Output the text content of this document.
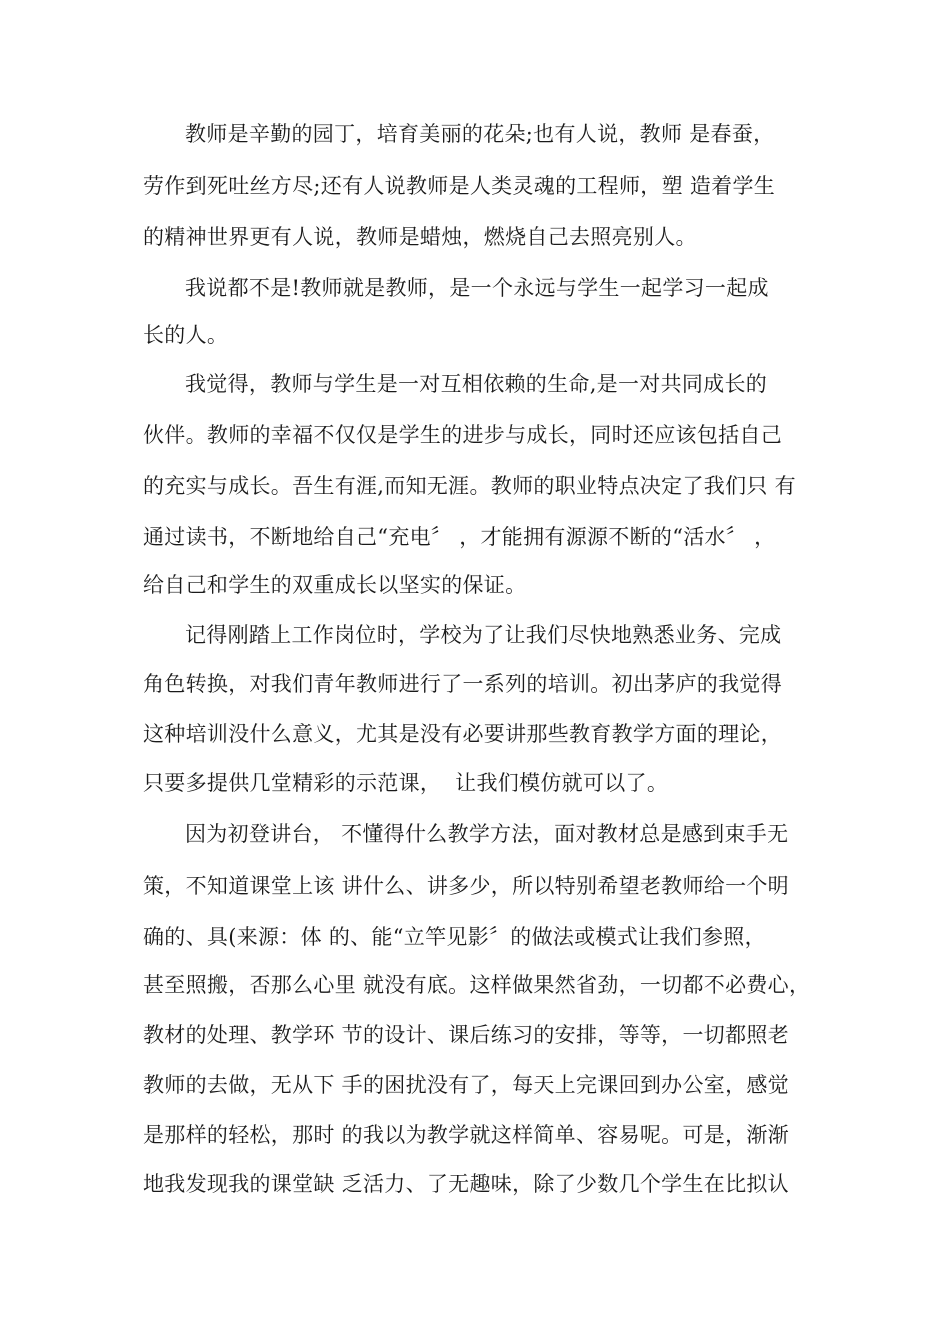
教师是辛勤的园丁，培育美丽的花朵;也有人说，教师 是春蚕，
劳作到死吐丝方尽;还有人说教师是人类灵魂的工程师，塑 造着学生
的精神世界更有人说，教师是蜡烛，燃烧自己去照亮别人。
我说都不是!教师就是教师，是一个永远与学生一起学习一起成
长的人。
我觉得，教师与学生是一对互相依赖的生命,是一对共同成长的
伙伴。教师的幸福不仅仅是学生的进步与成长，同时还应该包括自己
的充实与成长。吾生有涯,而知无涯。教师的职业特点决定了我们只 有
通过读书，不断地给自己“充电〞 ，才能拥有源源不断的“活水〞 ，
给自己和学生的双重成长以坚实的保证。
记得刚踏上工作岗位时，学校为了让我们尽快地熟悉业务、完成
角色转换，对我们青年教师进行了一系列的培训。初出茅庐的我觉得
这种培训没什么意义，尤其是没有必要讲那些教育教学方面的理论，
只要多提供几堂精彩的示范课，  让我们模仿就可以了。
因为初登讲台， 不懂得什么教学方法，面对教材总是感到束手无
策，不知道课堂上该 讲什么、讲多少，所以特别希望老教师给一个明
确的、具(来源：体 的、能“立竿见影〞的做法或模式让我们参照，
甚至照搬，否那么心里 就没有底。这样做果然省劲，一切都不必费心，
教材的处理、教学环 节的设计、课后练习的安排，等等，一切都照老
教师的去做，无从下 手的困扰没有了，每天上完课回到办公室，感觉
是那样的轻松，那时 的我以为教学就这样简单、容易呢。可是，渐渐
地我发现我的课堂缺 乏活力、了无趣味，除了少数几个学生在比拟认
